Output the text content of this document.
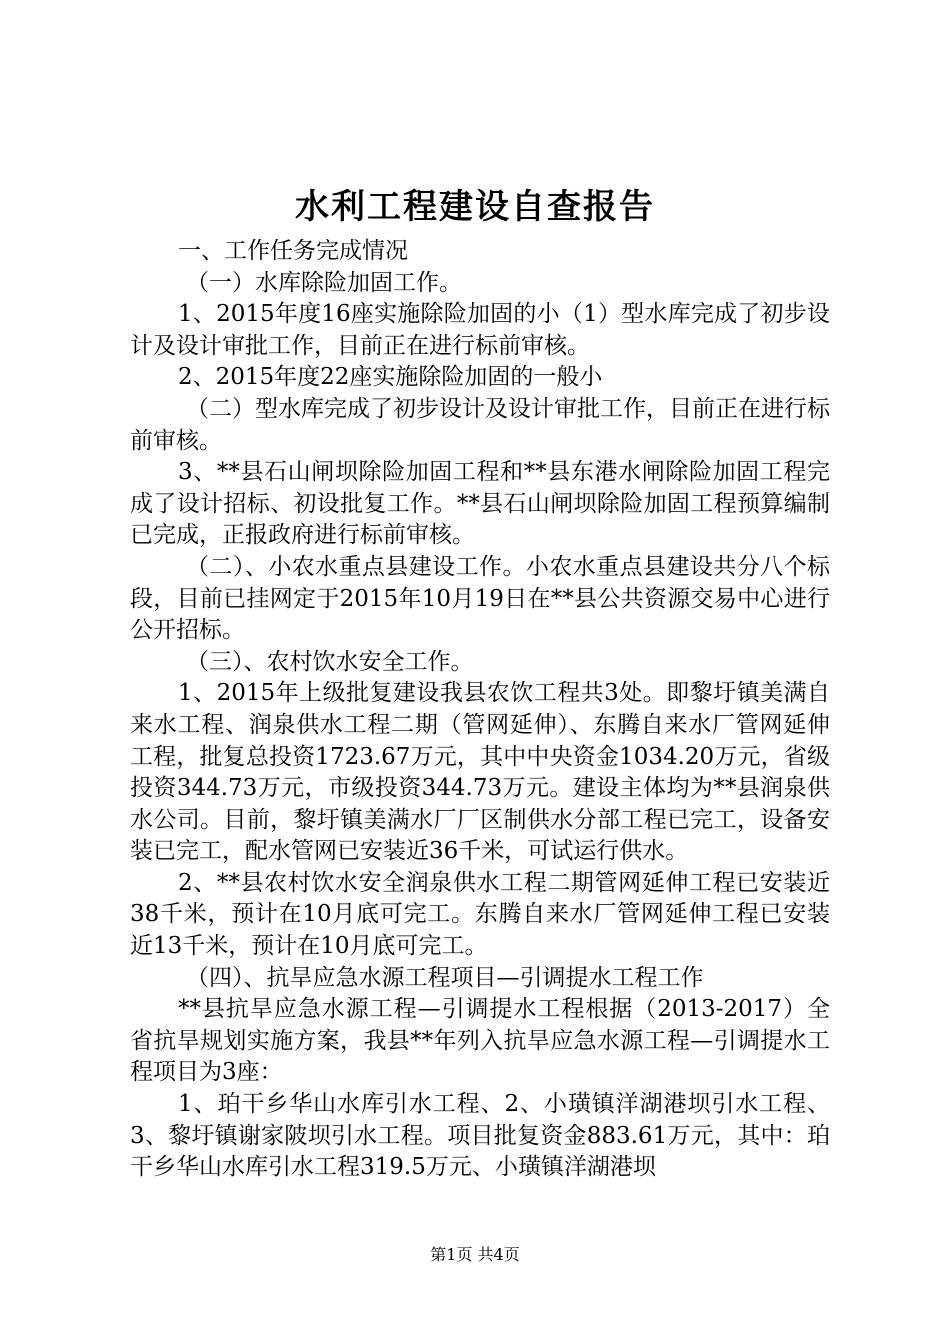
水利工程建设自查报告

一、工作任务完成情况

（一）水库除险加固工作。

1、2015年度16座实施除险加固的小（1）型水库完成了初步设计及设计审批工作，目前正在进行标前审核。

2、2015年度22座实施除险加固的一般小

（二）型水库完成了初步设计及设计审批工作，目前正在进行标前审核。

3、**县石山闸坝除险加固工程和**县东港水闸除险加固工程完成了设计招标、初设批复工作。**县石山闸坝除险加固工程预算编制已完成，正报政府进行标前审核。

（二）、小农水重点县建设工作。小农水重点县建设共分八个标段，目前已挂网定于2015年10月19日在**县公共资源交易中心进行公开招标。

（三）、农村饮水安全工作。

1、2015年上级批复建设我县农饮工程共3处。即黎圩镇美满自来水工程、润泉供水工程二期（管网延伸）、东腾自来水厂管网延伸工程，批复总投资1723.67万元，其中中央资金1034.20万元，省级投资344.73万元，市级投资344.73万元。建设主体均为**县润泉供水公司。目前，黎圩镇美满水厂厂区制供水分部工程已完工，设备安装已完工，配水管网已安装近36千米，可试运行供水。

2、**县农村饮水安全润泉供水工程二期管网延伸工程已安装近38千米，预计在10月底可完工。东腾自来水厂管网延伸工程已安装近13千米，预计在10月底可完工。

（四）、抗旱应急水源工程项目—引调提水工程工作

**县抗旱应急水源工程—引调提水工程根据（2013-2017）全省抗旱规划实施方案，我县**年列入抗旱应急水源工程—引调提水工程项目为3座：

1、珀干乡华山水库引水工程、2、小璜镇洋湖港坝引水工程、3、黎圩镇谢家陂坝引水工程。项目批复资金883.61万元，其中：珀干乡华山水库引水工程319.5万元、小璜镇洋湖港坝

第1页 共4页
